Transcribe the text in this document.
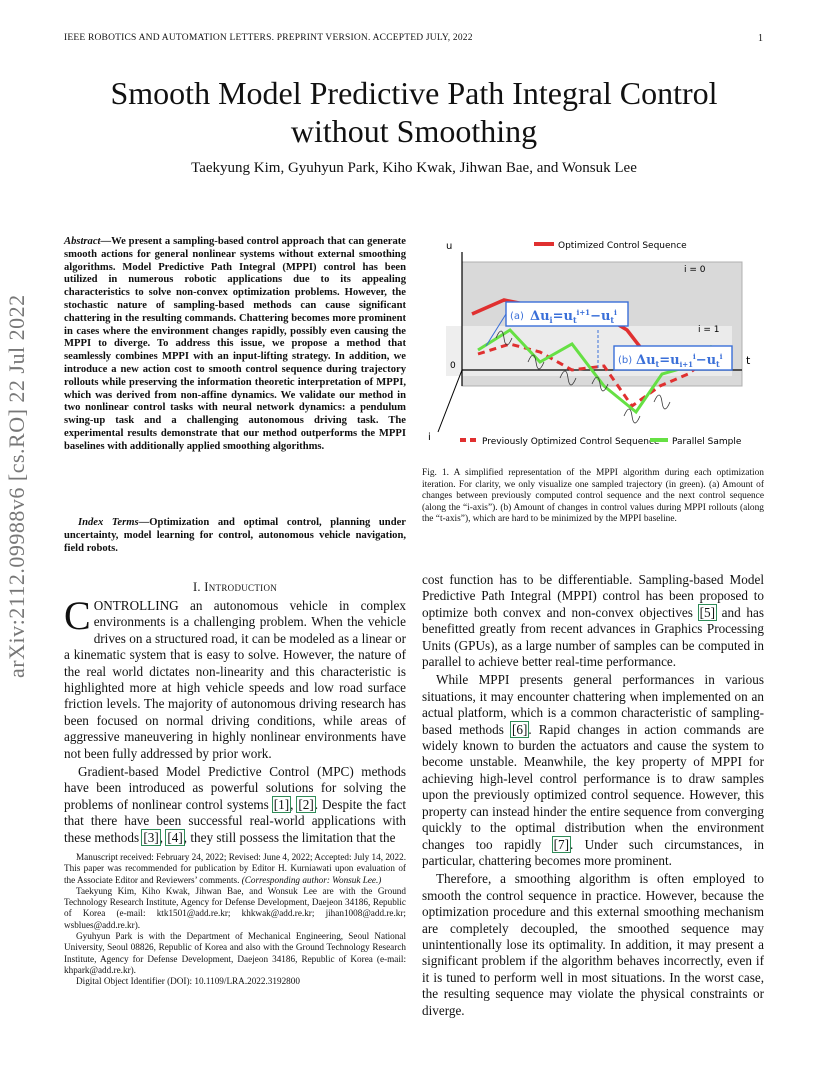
IEEE ROBOTICS AND AUTOMATION LETTERS. PREPRINT VERSION. ACCEPTED JULY, 2022	1
Smooth Model Predictive Path Integral Control without Smoothing
Taekyung Kim, Gyuhyun Park, Kiho Kwak, Jihwan Bae, and Wonsuk Lee
arXiv:2112.09988v6 [cs.RO] 22 Jul 2022
Abstract—We present a sampling-based control approach that can generate smooth actions for general nonlinear systems without external smoothing algorithms. Model Predictive Path Integral (MPPI) control has been utilized in numerous robotic applications due to its appealing characteristics to solve non-convex optimization problems. However, the stochastic nature of sampling-based methods can cause significant chattering in the resulting commands. Chattering becomes more prominent in cases where the environment changes rapidly, possibly even causing the MPPI to diverge. To address this issue, we propose a method that seamlessly combines MPPI with an input-lifting strategy. In addition, we introduce a new action cost to smooth control sequence during trajectory rollouts while preserving the information theoretic interpretation of MPPI, which was derived from non-affine dynamics. We validate our method in two nonlinear control tasks with neural network dynamics: a pendulum swing-up task and a challenging autonomous driving task. The experimental results demonstrate that our method outperforms the MPPI baselines with additionally applied smoothing algorithms.
Index Terms—Optimization and optimal control, planning under uncertainty, model learning for control, autonomous vehicle navigation, field robots.
u
t
i
0
i = 0
i = 1
(a) $\Delta u_i=u_t^{i+1}-u_t^i$
(b) $\Delta u_t=u_{i+1}^i-u_t^i$
Optimized Control Sequence
Previously Optimized Control Sequence Parallel Sample
Fig. 1. A simplified representation of the MPPI algorithm during each optimization iteration. For clarity, we only visualize one sampled trajectory (in green). (a) Amount of changes between previously computed control sequence and the next control sequence (along the “i-axis”). (b) Amount of changes in control values during MPPI rollouts (along the “t-axis”), which are hard to be minimized by the MPPI baseline.
I. Introduction

CONTROLLING an autonomous vehicle in complex environments is a challenging problem. When the vehicle drives on a structured road, it can be modeled as a linear or a kinematic system that is easy to solve. However, the nature of the real world dictates non-linearity and this characteristic is highlighted more at high vehicle speeds and low road surface friction levels. The majority of autonomous driving research has been focused on normal driving conditions, while areas of aggressive maneuvering in highly nonlinear environments have not been fully addressed by prior work.

Gradient-based Model Predictive Control (MPC) methods have been introduced as powerful solutions for solving the problems of nonlinear control systems [1], [2]. Despite the fact that there have been successful real-world applications with these methods [3], [4], they still possess the limitation that the

Manuscript received: February 24, 2022; Revised: June 4, 2022; Accepted: July 14, 2022. This paper was recommended for publication by Editor H. Kurniawati upon evaluation of the Associate Editor and Reviewers’ comments. (Corresponding author: Wonsuk Lee.)

Taekyung Kim, Kiho Kwak, Jihwan Bae, and Wonsuk Lee are with the Ground Technology Research Institute, Agency for Defense Development, Daejeon 34186, Republic of Korea (e-mail: ktk1501@add.re.kr; khkwak@add.re.kr; jihan1008@add.re.kr; wsblues@add.re.kr).

Gyuhyun Park is with the Department of Mechanical Engineering, Seoul National University, Seoul 08826, Republic of Korea and also with the Ground Technology Research Institute, Agency for Defense Development, Daejeon 34186, Republic of Korea (e-mail: khpark@add.re.kr).

Digital Object Identifier (DOI): 10.1109/LRA.2022.3192800

cost function has to be differentiable. Sampling-based Model Predictive Path Integral (MPPI) control has been proposed to optimize both convex and non-convex objectives [5] and has benefitted greatly from recent advances in Graphics Processing Units (GPUs), as a large number of samples can be computed in parallel to achieve better real-time performance.

While MPPI presents general performances in various situations, it may encounter chattering when implemented on an actual platform, which is a common characteristic of sampling-based methods [6]. Rapid changes in action commands are widely known to burden the actuators and cause the system to become unstable. Meanwhile, the key property of MPPI for achieving high-level control performance is to draw samples upon the previously optimized control sequence. However, this property can instead hinder the entire sequence from converging quickly to the optimal distribution when the environment changes too rapidly [7]. Under such circumstances, in particular, chattering becomes more prominent.

Therefore, a smoothing algorithm is often employed to smooth the control sequence in practice. However, because the optimization procedure and this external smoothing mechanism are completely decoupled, the smoothed sequence may unintentionally lose its optimality. In addition, it may present a significant problem if the algorithm behaves incorrectly, even if it is tuned to perform well in most situations. In the worst case, the resulting sequence may violate the physical constraints or diverge.
